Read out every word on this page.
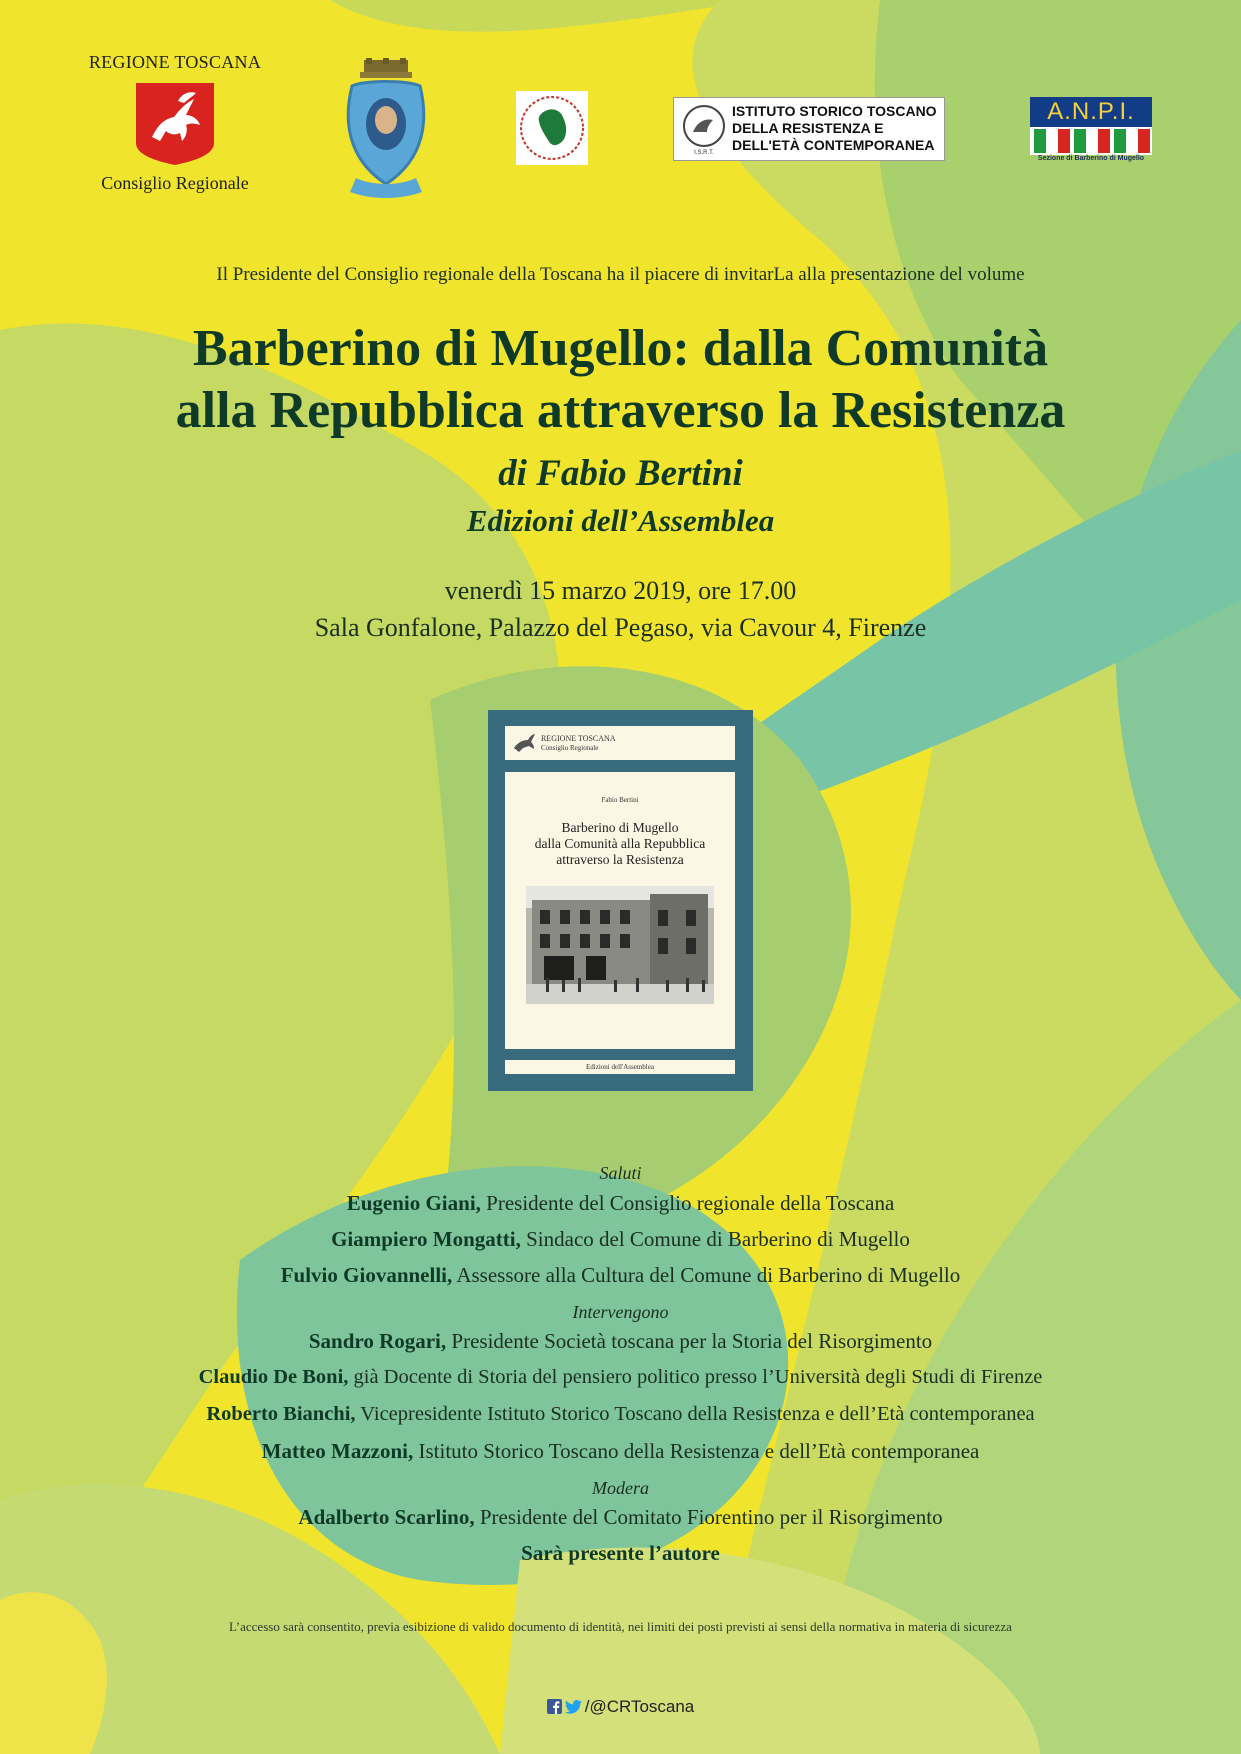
REGIONE TOSCANA
Consiglio Regionale
I.S.R.T.
ISTITUTO STORICO TOSCANO
DELLA RESISTENZA E
DELL'ETÀ CONTEMPORANEA
A.N.P.I.
Sezione di Barberino di Mugello
Il Presidente del Consiglio regionale della Toscana ha il piacere di invitarLa alla presentazione del volume
Barberino di Mugello: dalla Comunità
alla Repubblica attraverso la Resistenza
di Fabio Bertini
Edizioni dell’Assemblea
venerdì 15 marzo 2019, ore 17.00
Sala Gonfalone, Palazzo del Pegaso, via Cavour 4, Firenze
REGIONE TOSCANA
Consiglio Regionale
Fabio Bertini
Barberino di Mugello
dalla Comunità alla Repubblica
attraverso la Resistenza
Edizioni dell'Assemblea
Saluti
Eugenio Giani, Presidente del Consiglio regionale della Toscana
Giampiero Mongatti, Sindaco del Comune di Barberino di Mugello
Fulvio Giovannelli, Assessore alla Cultura del Comune di Barberino di Mugello
Intervengono
Sandro Rogari, Presidente Società toscana per la Storia del Risorgimento
Claudio De Boni, già Docente di Storia del pensiero politico presso l’Università degli Studi di Firenze
Roberto Bianchi, Vicepresidente Istituto Storico Toscano della Resistenza e dell’Età contemporanea
Matteo Mazzoni, Istituto Storico Toscano della Resistenza e dell’Età contemporanea
Modera
Adalberto Scarlino, Presidente del Comitato Fiorentino per il Risorgimento
Sarà presente l’autore
L’accesso sarà consentito, previa esibizione di valido documento di identità, nei limiti dei posti previsti ai sensi della normativa in materia di sicurezza
/@CRToscana
